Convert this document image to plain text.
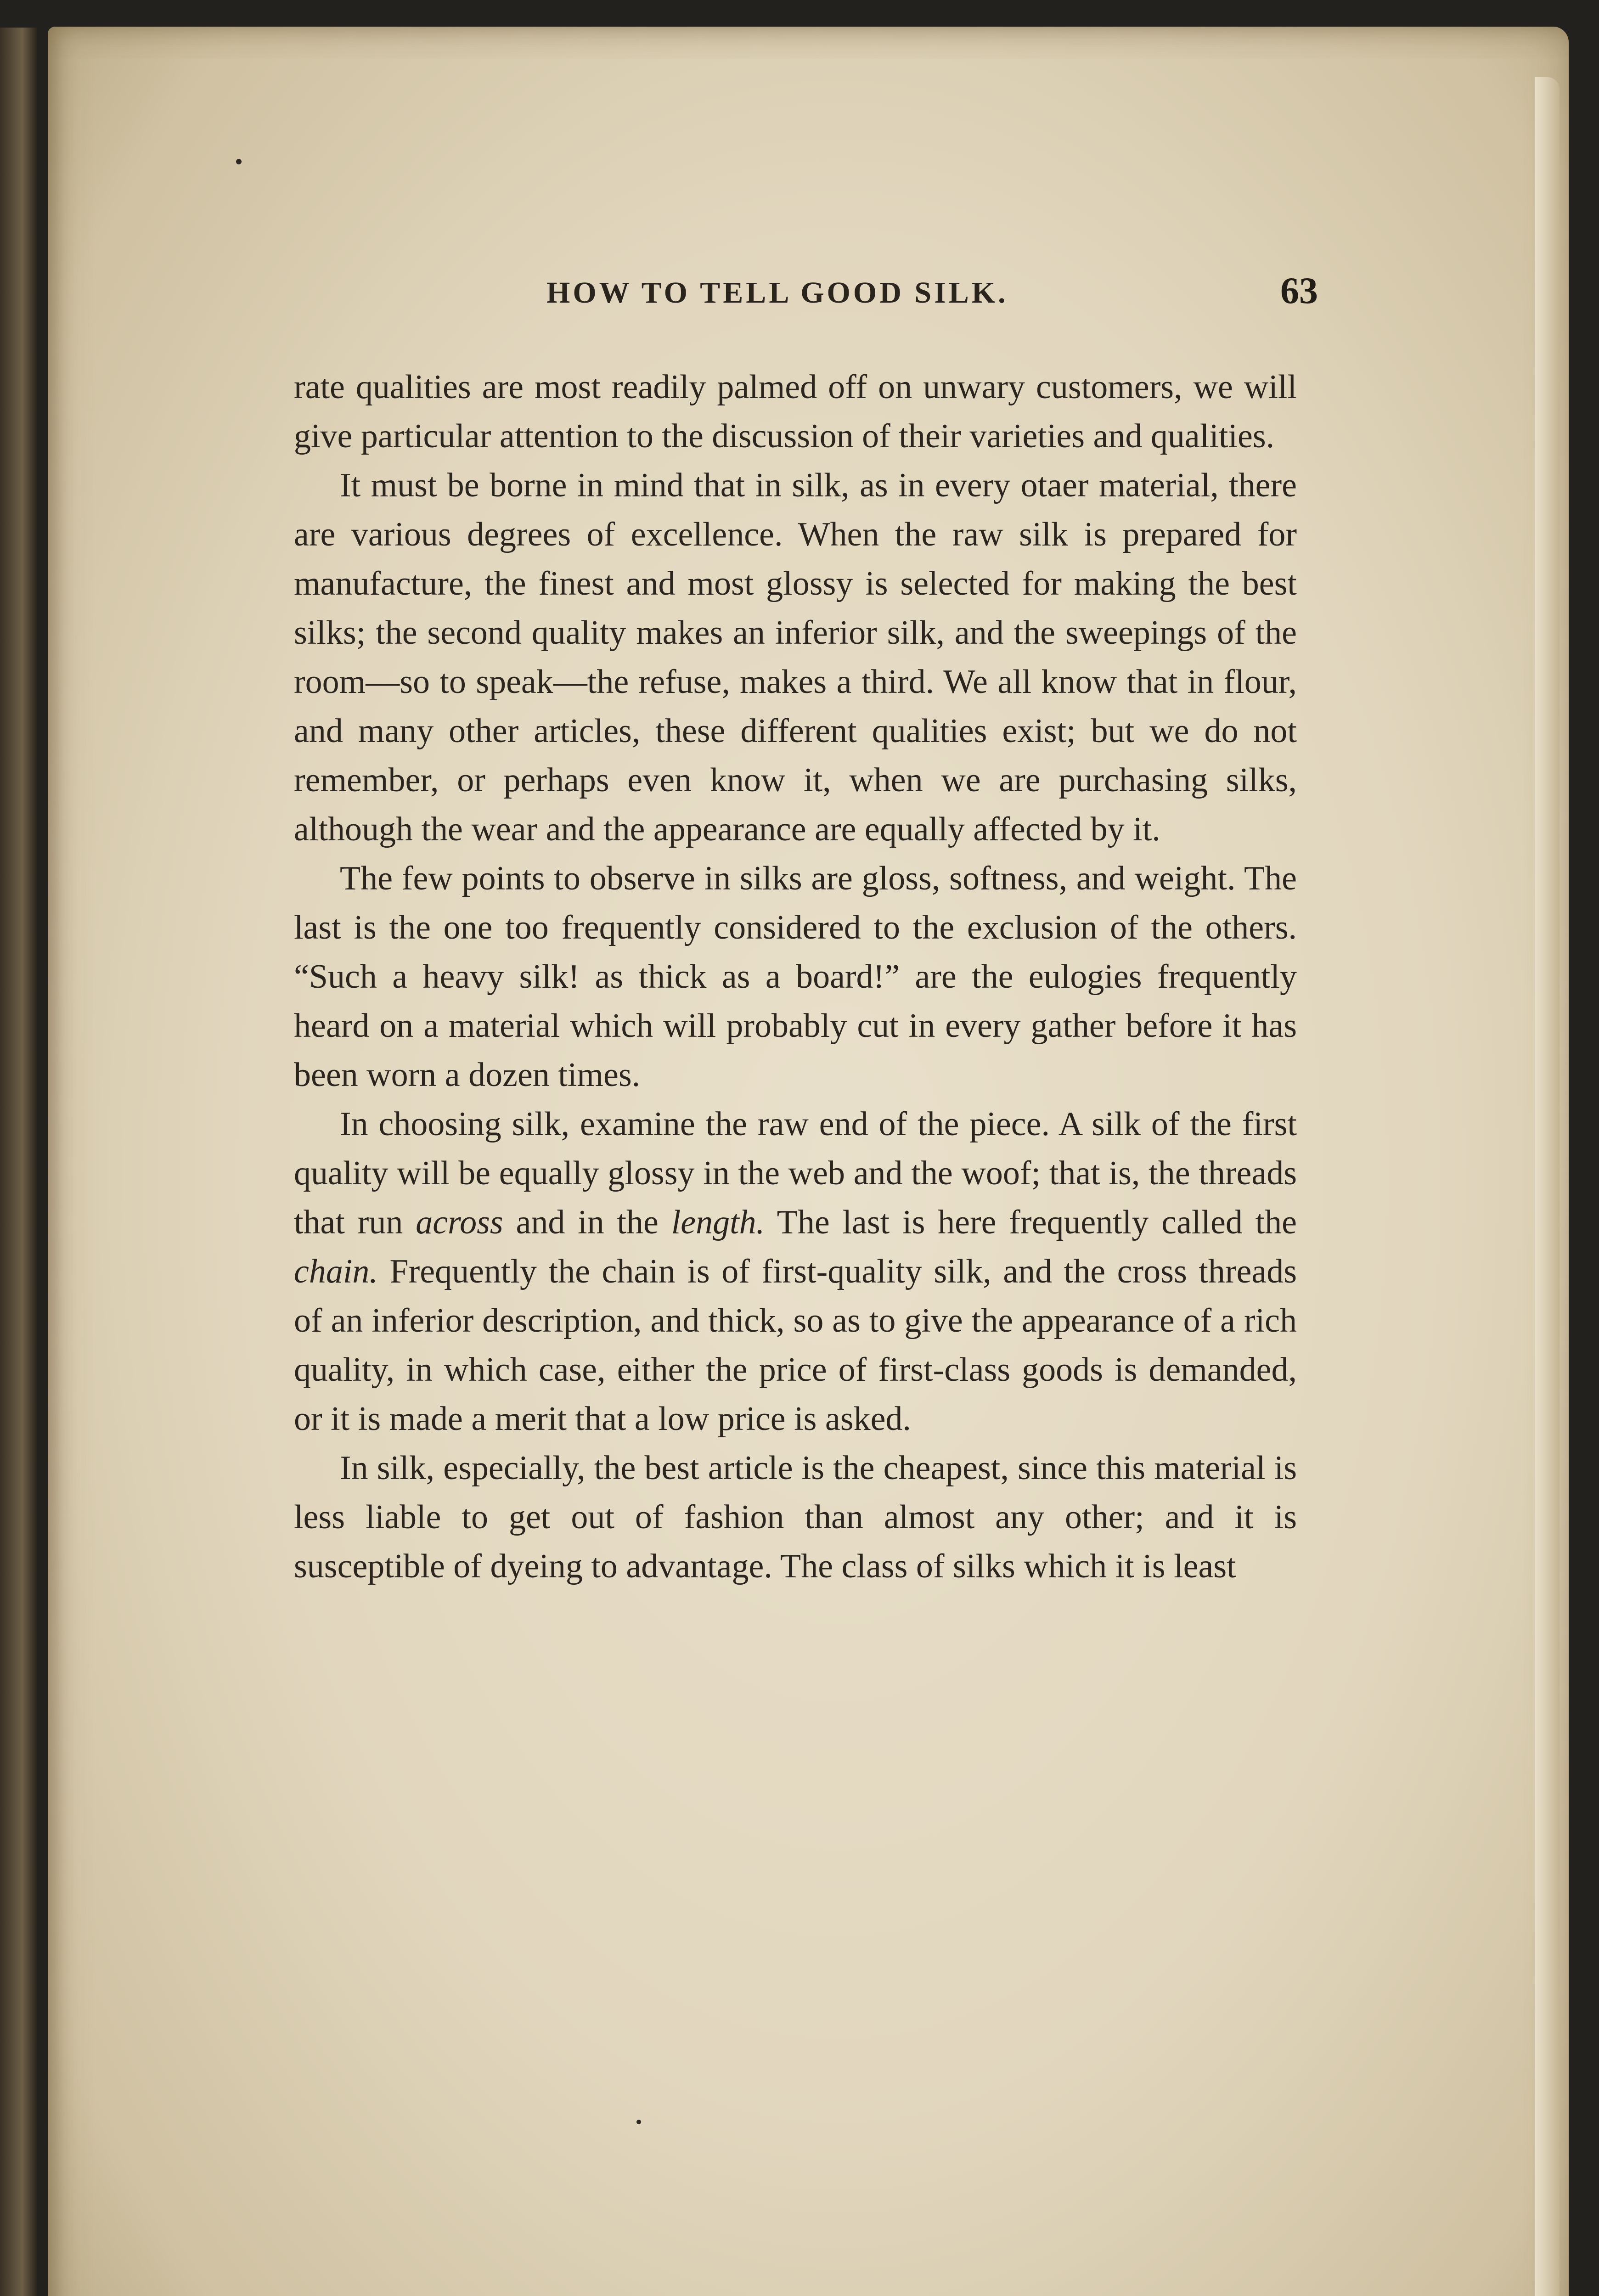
HOW TO TELL GOOD SILK.	63

rate qualities are most readily palmed off on unwary customers, we will give particular attention to the discussion of their varieties and qualities.

It must be borne in mind that in silk, as in every otaer material, there are various degrees of excellence. When the raw silk is prepared for manufacture, the finest and most glossy is selected for making the best silks; the second quality makes an inferior silk, and the sweepings of the room—so to speak—the refuse, makes a third. We all know that in flour, and many other articles, these different qualities exist; but we do not remember, or perhaps even know it, when we are purchasing silks, although the wear and the appearance are equally affected by it.

The few points to observe in silks are gloss, softness, and weight. The last is the one too frequently considered to the exclusion of the others. “Such a heavy silk! as thick as a board!” are the eulogies frequently heard on a material which will probably cut in every gather before it has been worn a dozen times.

In choosing silk, examine the raw end of the piece. A silk of the first quality will be equally glossy in the web and the woof; that is, the threads that run across and in the length. The last is here frequently called the chain. Frequently the chain is of first-quality silk, and the cross threads of an inferior description, and thick, so as to give the appearance of a rich quality, in which case, either the price of first-class goods is demanded, or it is made a merit that a low price is asked.

In silk, especially, the best article is the cheapest, since this material is less liable to get out of fashion than almost any other; and it is susceptible of dyeing to advantage. The class of silks which it is least
